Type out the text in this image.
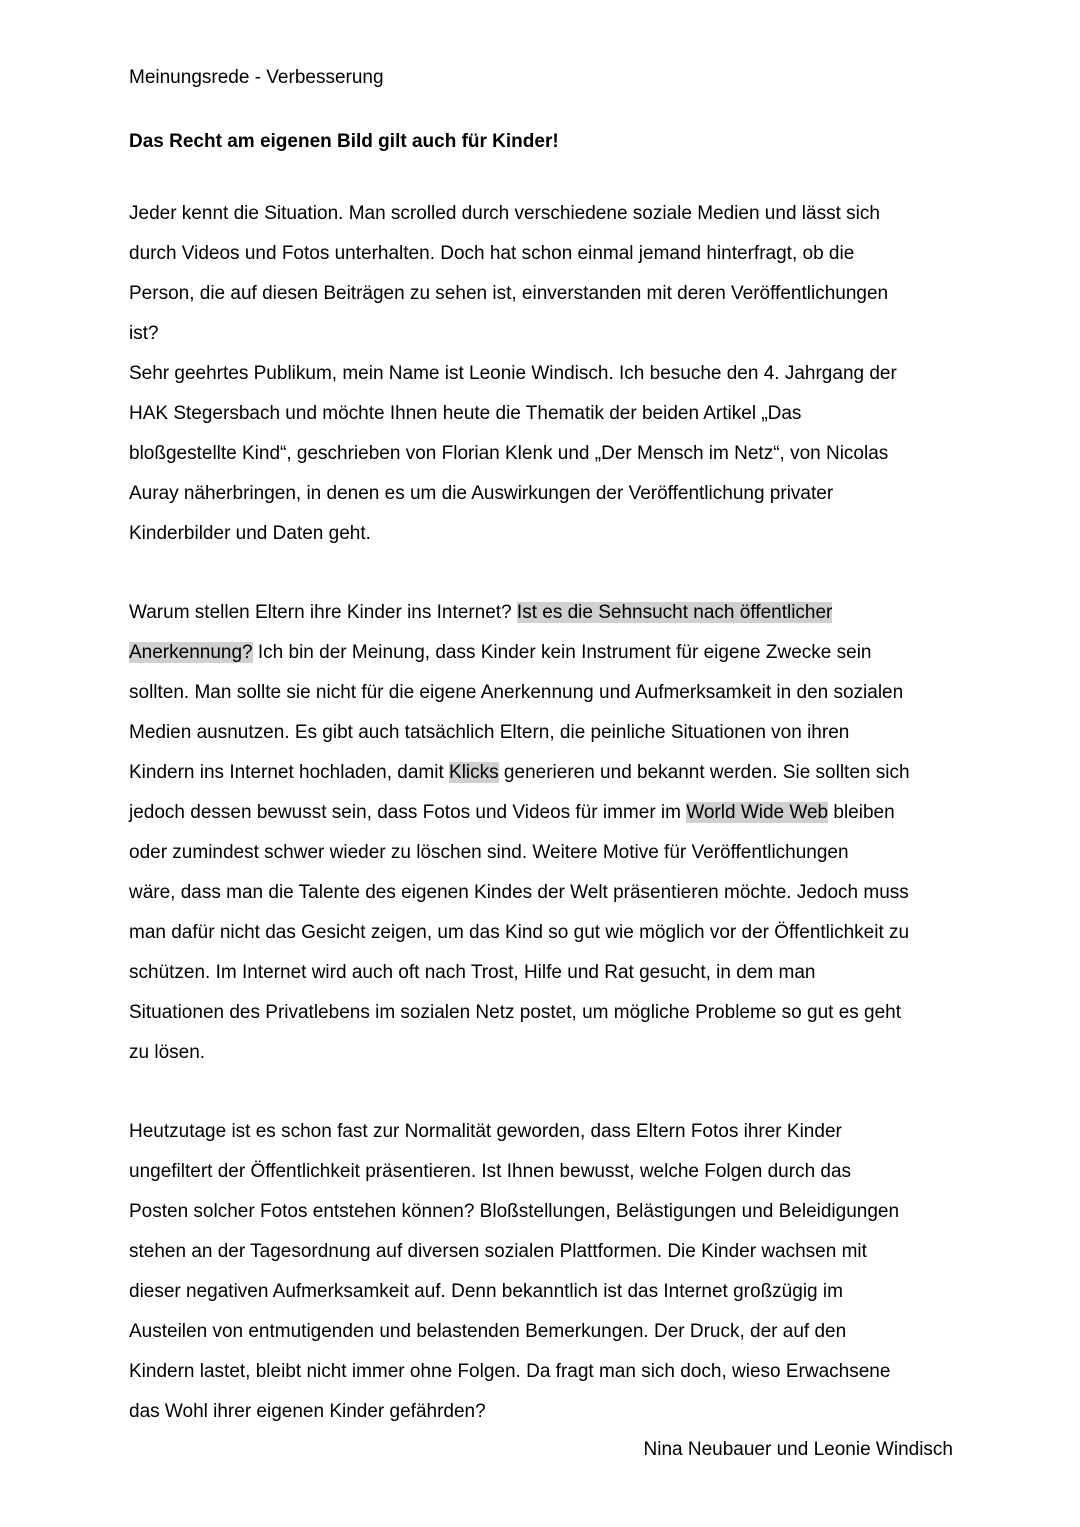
Meinungsrede - Verbesserung
Das Recht am eigenen Bild gilt auch für Kinder!
Jeder kennt die Situation. Man scrolled durch verschiedene soziale Medien und lässt sich
durch Videos und Fotos unterhalten. Doch hat schon einmal jemand hinterfragt, ob die
Person, die auf diesen Beiträgen zu sehen ist, einverstanden mit deren Veröffentlichungen
ist?
Sehr geehrtes Publikum, mein Name ist Leonie Windisch. Ich besuche den 4. Jahrgang der
HAK Stegersbach und möchte Ihnen heute die Thematik der beiden Artikel „Das
bloßgestellte Kind“, geschrieben von Florian Klenk und „Der Mensch im Netz“, von Nicolas
Auray näherbringen, in denen es um die Auswirkungen der Veröffentlichung privater
Kinderbilder und Daten geht.
Warum stellen Eltern ihre Kinder ins Internet? Ist es die Sehnsucht nach öffentlicher
Anerkennung? Ich bin der Meinung, dass Kinder kein Instrument für eigene Zwecke sein
sollten. Man sollte sie nicht für die eigene Anerkennung und Aufmerksamkeit in den sozialen
Medien ausnutzen. Es gibt auch tatsächlich Eltern, die peinliche Situationen von ihren
Kindern ins Internet hochladen, damit Klicks generieren und bekannt werden. Sie sollten sich
jedoch dessen bewusst sein, dass Fotos und Videos für immer im World Wide Web bleiben
oder zumindest schwer wieder zu löschen sind. Weitere Motive für Veröffentlichungen
wäre, dass man die Talente des eigenen Kindes der Welt präsentieren möchte. Jedoch muss
man dafür nicht das Gesicht zeigen, um das Kind so gut wie möglich vor der Öffentlichkeit zu
schützen. Im Internet wird auch oft nach Trost, Hilfe und Rat gesucht, in dem man
Situationen des Privatlebens im sozialen Netz postet, um mögliche Probleme so gut es geht
zu lösen.
Heutzutage ist es schon fast zur Normalität geworden, dass Eltern Fotos ihrer Kinder
ungefiltert der Öffentlichkeit präsentieren. Ist Ihnen bewusst, welche Folgen durch das
Posten solcher Fotos entstehen können? Bloßstellungen, Belästigungen und Beleidigungen
stehen an der Tagesordnung auf diversen sozialen Plattformen. Die Kinder wachsen mit
dieser negativen Aufmerksamkeit auf. Denn bekanntlich ist das Internet großzügig im
Austeilen von entmutigenden und belastenden Bemerkungen. Der Druck, der auf den
Kindern lastet, bleibt nicht immer ohne Folgen. Da fragt man sich doch, wieso Erwachsene
das Wohl ihrer eigenen Kinder gefährden?
Nina Neubauer und Leonie Windisch
